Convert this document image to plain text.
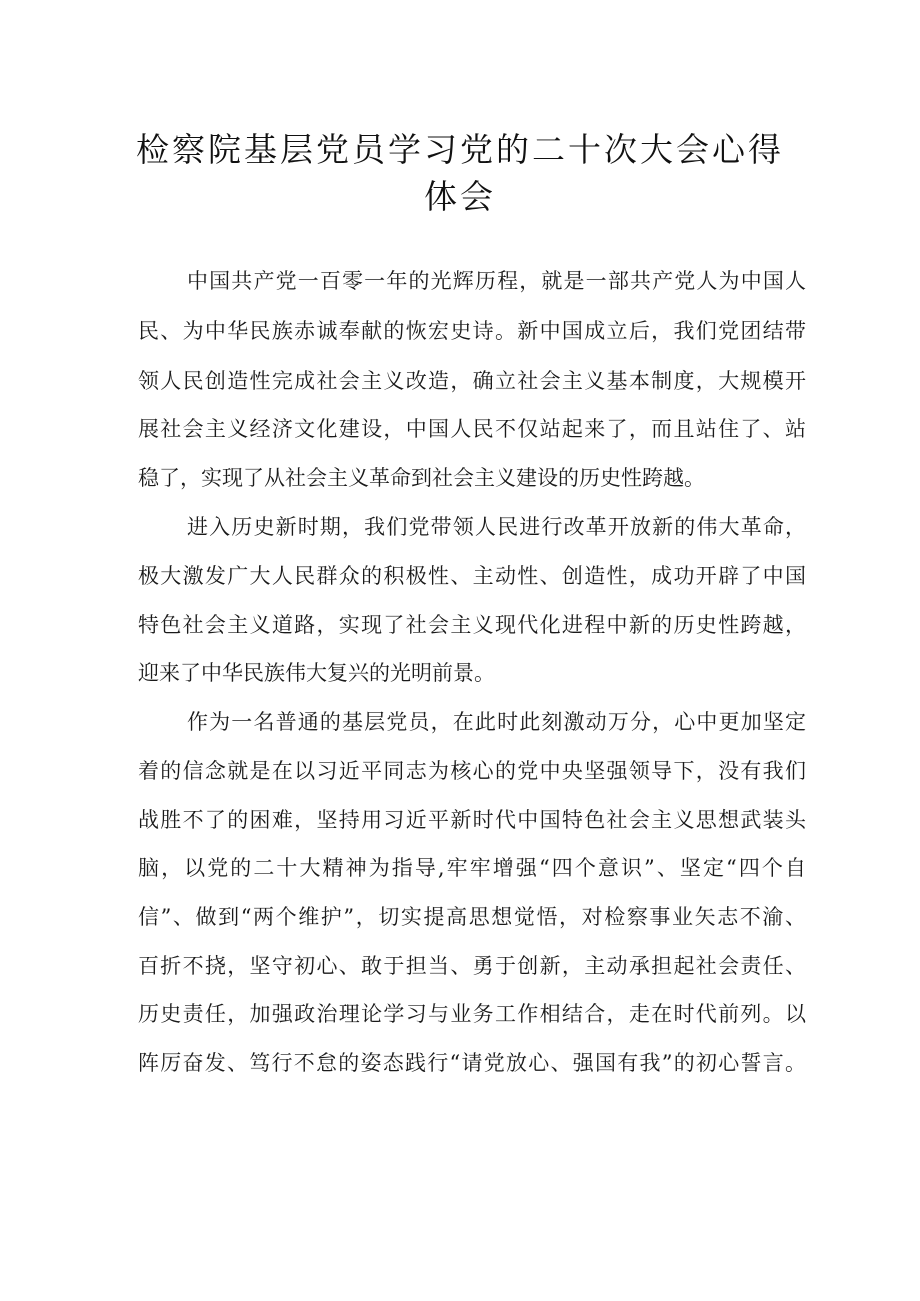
检察院基层党员学习党的二十次大会心得
体会
中国共产党一百零一年的光辉历程，就是一部共产党人为中国人
民、为中华民族赤诚奉献的恢宏史诗。新中国成立后，我们党团结带
领人民创造性完成社会主义改造，确立社会主义基本制度，大规模开
展社会主义经济文化建设，中国人民不仅站起来了，而且站住了、站
稳了，实现了从社会主义革命到社会主义建设的历史性跨越。
进入历史新时期，我们党带领人民进行改革开放新的伟大革命，
极大激发广大人民群众的积极性、主动性、创造性，成功开辟了中国
特色社会主义道路，实现了社会主义现代化进程中新的历史性跨越，
迎来了中华民族伟大复兴的光明前景。
作为一名普通的基层党员，在此时此刻激动万分，心中更加坚定
着的信念就是在以习近平同志为核心的党中央坚强领导下，没有我们
战胜不了的困难，坚持用习近平新时代中国特色社会主义思想武装头
脑，以党的二十大精神为指导,牢牢增强“四个意识”、坚定“四个自
信”、做到“两个维护”，切实提高思想觉悟，对检察事业矢志不渝、
百折不挠，坚守初心、敢于担当、勇于创新，主动承担起社会责任、
历史责任，加强政治理论学习与业务工作相结合，走在时代前列。以
阵厉奋发、笃行不怠的姿态践行“请党放心、强国有我”的初心誓言。
